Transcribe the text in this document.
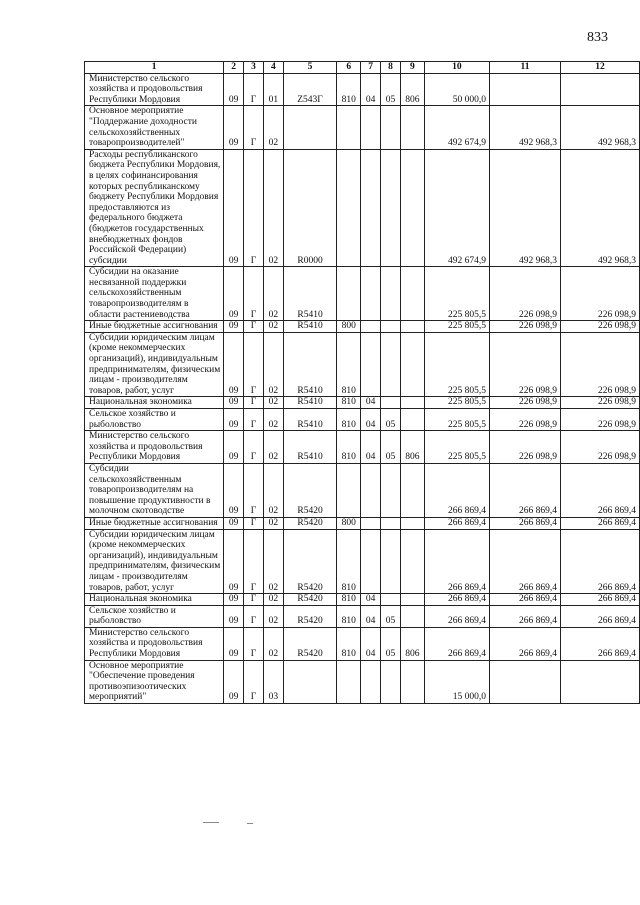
833
1	2	3	4	5	6	7	8	9	10	11	12
Министерство сельского хозяйства и продовольствия Республики Мордовия	09	Г	01	Z543Г	810	04	05	806	50 000,0		
Основное мероприятие "Поддержание доходности сельскохозяйственных товаропроизводителей"	09	Г	02						492 674,9	492 968,3	492 968,3
Расходы республиканского бюджета Республики Мордовия, в целях софинансирования которых республиканскому бюджету Республики Мордовия предоставляются из федерального бюджета (бюджетов государственных внебюджетных фондов Российской Федерации) субсидии	09	Г	02	R0000					492 674,9	492 968,3	492 968,3
Субсидии на оказание несвязанной поддержки сельскохозяйственным товаропроизводителям в области растениеводства	09	Г	02	R5410					225 805,5	226 098,9	226 098,9
Иные бюджетные ассигнования	09	Г	02	R5410	800				225 805,5	226 098,9	226 098,9
Субсидии юридическим лицам (кроме некоммерческих организаций), индивидуальным предпринимателям, физическим лицам - производителям товаров, работ, услуг	09	Г	02	R5410	810				225 805,5	226 098,9	226 098,9
Национальная экономика	09	Г	02	R5410	810	04			225 805,5	226 098,9	226 098,9
Сельское хозяйство и рыболовство	09	Г	02	R5410	810	04	05		225 805,5	226 098,9	226 098,9
Министерство сельского хозяйства и продовольствия Республики Мордовия	09	Г	02	R5410	810	04	05	806	225 805,5	226 098,9	226 098,9
Субсидии сельскохозяйственным товаропроизводителям на повышение продуктивности в молочном скотоводстве	09	Г	02	R5420					266 869,4	266 869,4	266 869,4
Иные бюджетные ассигнования	09	Г	02	R5420	800				266 869,4	266 869,4	266 869,4
Субсидии юридическим лицам (кроме некоммерческих организаций), индивидуальным предпринимателям, физическим лицам - производителям товаров, работ, услуг	09	Г	02	R5420	810				266 869,4	266 869,4	266 869,4
Национальная экономика	09	Г	02	R5420	810	04			266 869,4	266 869,4	266 869,4
Сельское хозяйство и рыболовство	09	Г	02	R5420	810	04	05		266 869,4	266 869,4	266 869,4
Министерство сельского хозяйства и продовольствия Республики Мордовия	09	Г	02	R5420	810	04	05	806	266 869,4	266 869,4	266 869,4
Основное мероприятие "Обеспечение проведения противоэпизоотических мероприятий"	09	Г	03						15 000,0		
